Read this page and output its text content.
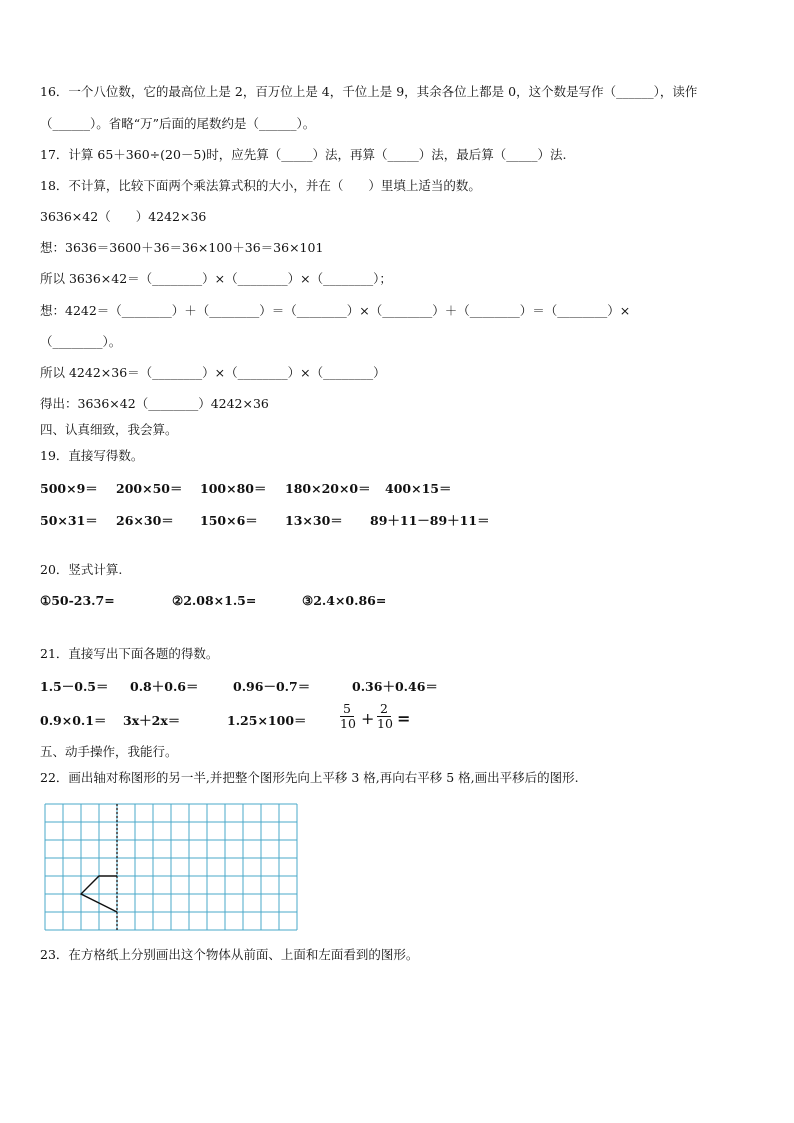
16．一个八位数，它的最高位上是 2，百万位上是 4，千位上是 9，其余各位上都是 0，这个数是写作（______），读作
（______）。省略“万”后面的尾数约是（______）。
17．计算 65＋360÷(20－5)时，应先算（_____）法，再算（_____）法，最后算（_____）法.
18．不计算，比较下面两个乘法算式积的大小，并在（　　）里填上适当的数。
3636×42（　　）4242×36
想：3636＝3600＋36＝36×100＋36＝36×101
所以 3636×42＝（________）×（________）×（________）；
想：4242＝（________）＋（________）＝（________）×（________）＋（________）＝（________）×
（________）。
所以 4242×36＝（________）×（________）×（________）
得出：3636×42（________）4242×36
四、认真细致，我会算。
19．直接写得数。
500×9＝ 200×50＝ 100×80＝ 180×20×0＝ 400×15＝
50×31＝ 26×30＝ 150×6＝ 13×30＝ 89＋11－89＋11＝
20．竖式计算.
①50-23.7=	②2.08×1.5=	③2.4×0.86=
21．直接写出下面各题的得数。
1.5－0.5＝ 0.8＋0.6＝	0.96－0.7＝	0.36＋0.46＝
0.9×0.1＝ 3x＋2x＝	1.25×100＝
5
10 +
2
10 =
五、动手操作，我能行。
22．画出轴对称图形的另一半,并把整个图形先向上平移 3 格,再向右平移 5 格,画出平移后的图形.
23．在方格纸上分别画出这个物体从前面、上面和左面看到的图形。
